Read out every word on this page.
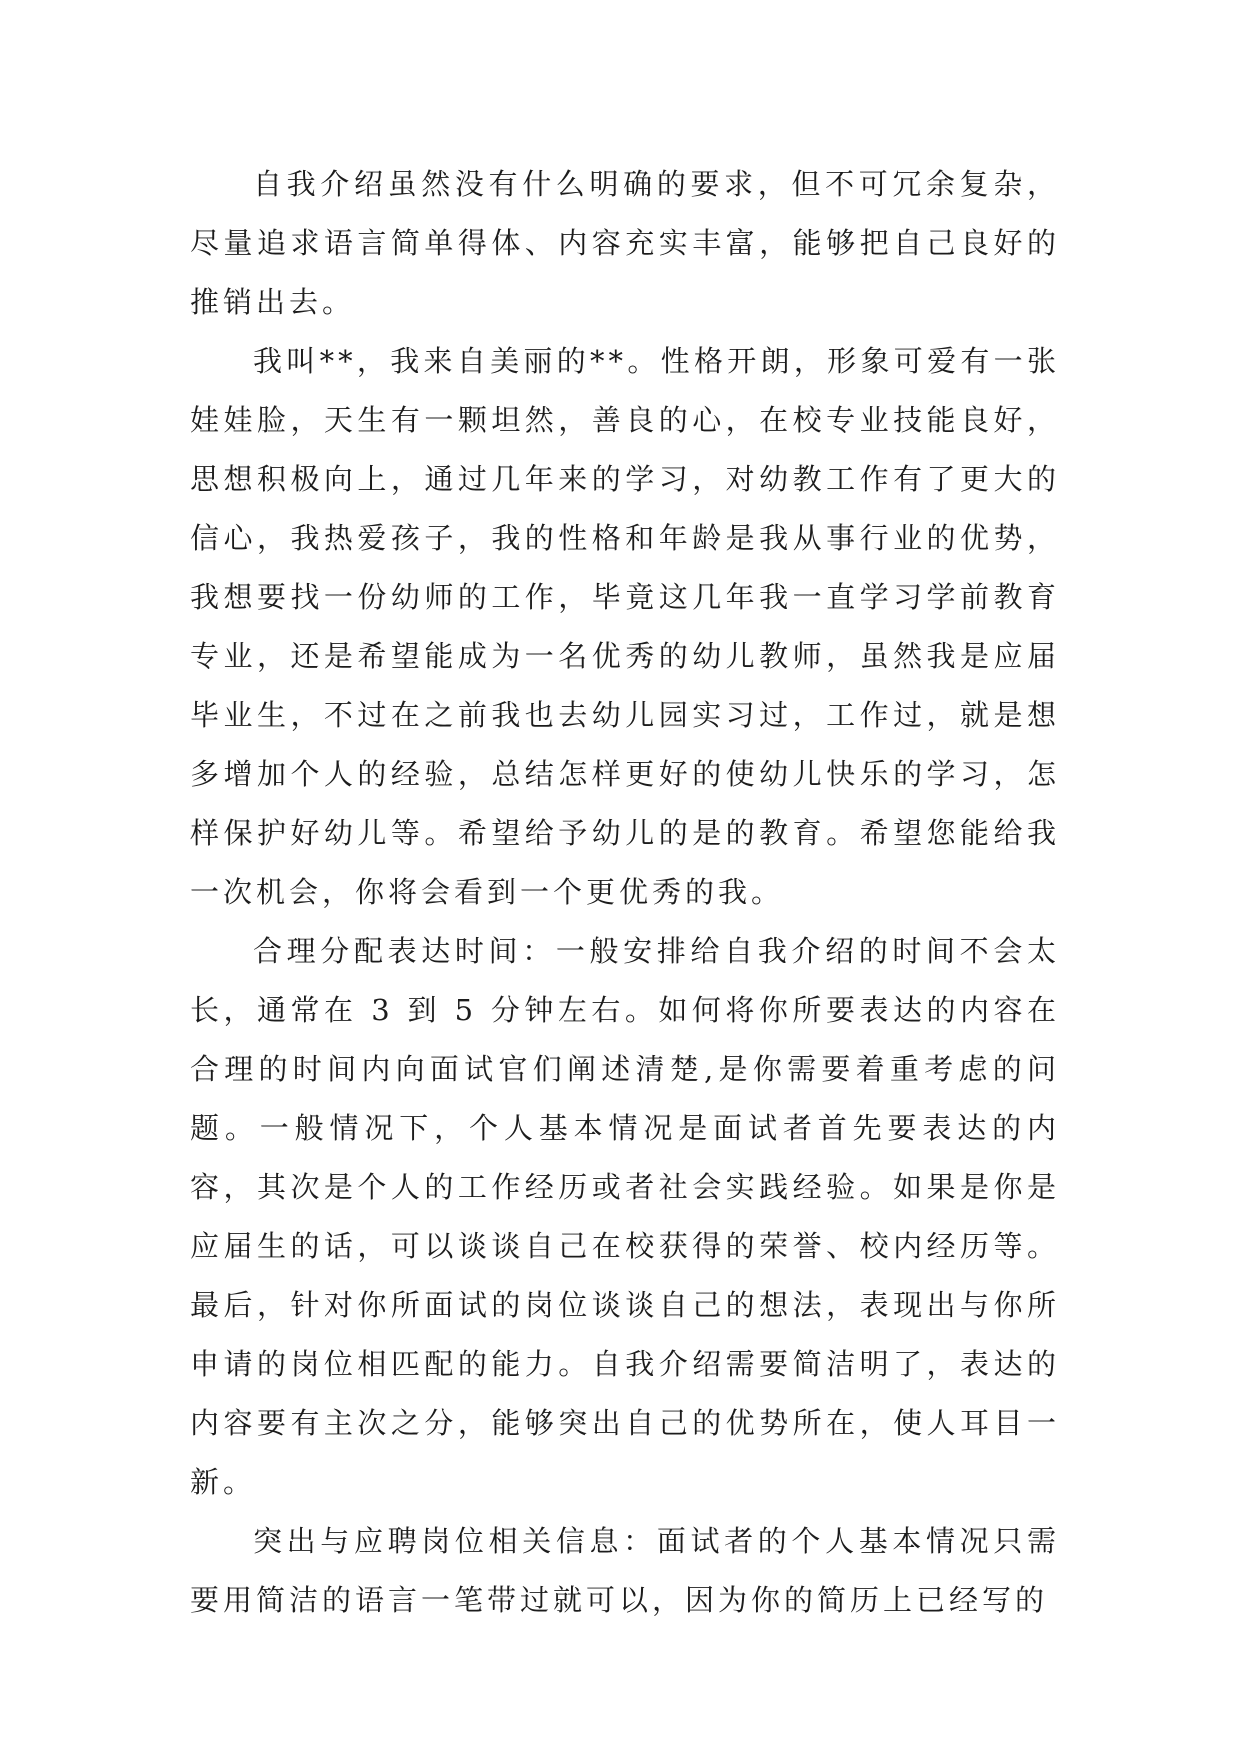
自我介绍虽然没有什么明确的要求，但不可冗余复杂，尽量追求语言简单得体、内容充实丰富，能够把自己良好的推销出去。

我叫**，我来自美丽的**。性格开朗，形象可爱有一张娃娃脸，天生有一颗坦然，善良的心，在校专业技能良好，思想积极向上，通过几年来的学习，对幼教工作有了更大的信心，我热爱孩子，我的性格和年龄是我从事行业的优势，我想要找一份幼师的工作，毕竟这几年我一直学习学前教育专业，还是希望能成为一名优秀的幼儿教师，虽然我是应届毕业生，不过在之前我也去幼儿园实习过，工作过，就是想多增加个人的经验，总结怎样更好的使幼儿快乐的学习，怎样保护好幼儿等。希望给予幼儿的是的教育。希望您能给我一次机会，你将会看到一个更优秀的我。

合理分配表达时间：一般安排给自我介绍的时间不会太长，通常在 3 到 5 分钟左右。如何将你所要表达的内容在合理的时间内向面试官们阐述清楚,是你需要着重考虑的问题。一般情况下，个人基本情况是面试者首先要表达的内容，其次是个人的工作经历或者社会实践经验。如果是你是应届生的话，可以谈谈自己在校获得的荣誉、校内经历等。最后，针对你所面试的岗位谈谈自己的想法，表现出与你所申请的岗位相匹配的能力。自我介绍需要简洁明了，表达的内容要有主次之分，能够突出自己的优势所在，使人耳目一新。

突出与应聘岗位相关信息：面试者的个人基本情况只需要用简洁的语言一笔带过就可以，因为你的简历上已经写的
